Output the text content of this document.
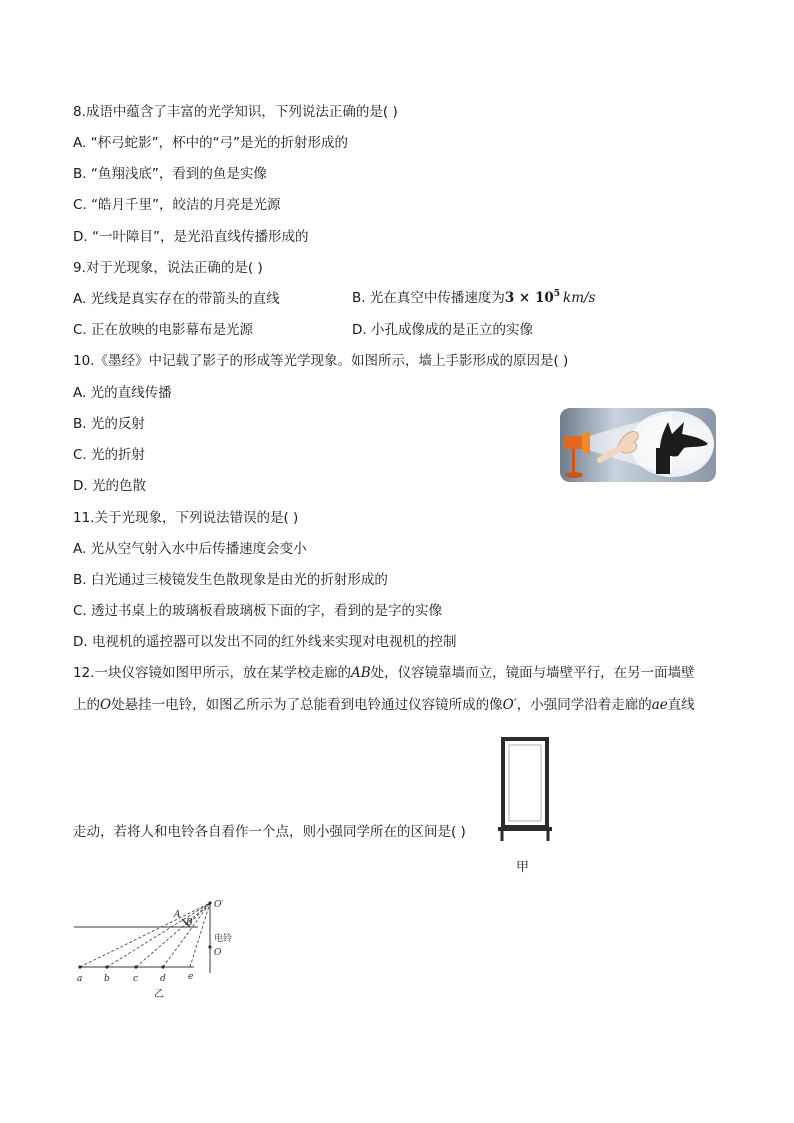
8.成语中蕴含了丰富的光学知识，下列说法正确的是( )
A. “杯弓蛇影”，杯中的“弓”是光的折射形成的
B. “鱼翔浅底”，看到的鱼是实像
C. “皓月千里”，皎洁的月亮是光源
D. “一叶障目”，是光沿直线传播形成的
9.对于光现象，说法正确的是( )
A. 光线是真实存在的带箭头的直线	B. 光在真空中传播速度为$3 \times 10^5$ km/s
C. 正在放映的电影幕布是光源	D. 小孔成像成的是正立的实像
10.《墨经》中记载了影子的形成等光学现象。如图所示，墙上手影形成的原因是( )
A. 光的直线传播
B. 光的反射
C. 光的折射
D. 光的色散
11.关于光现象，下列说法错误的是( )
A. 光从空气射入水中后传播速度会变小
B. 白光通过三棱镜发生色散现象是由光的折射形成的
C. 透过书桌上的玻璃板看玻璃板下面的字，看到的是字的实像
D. 电视机的遥控器可以发出不同的红外线来实现对电视机的控制
12.一块仪容镜如图甲所示，放在某学校走廊的AB处，仪容镜靠墙而立，镜面与墙壁平行，在另一面墙壁
上的O处悬挂一电铃，如图乙所示为了总能看到电铃通过仪容镜所成的像O′，小强同学沿着走廊的ae直线
走动，若将人和电铃各自看作一个点，则小强同学所在的区间是( )
甲
A
B
O′
O
a b	c d e
电铃
乙
